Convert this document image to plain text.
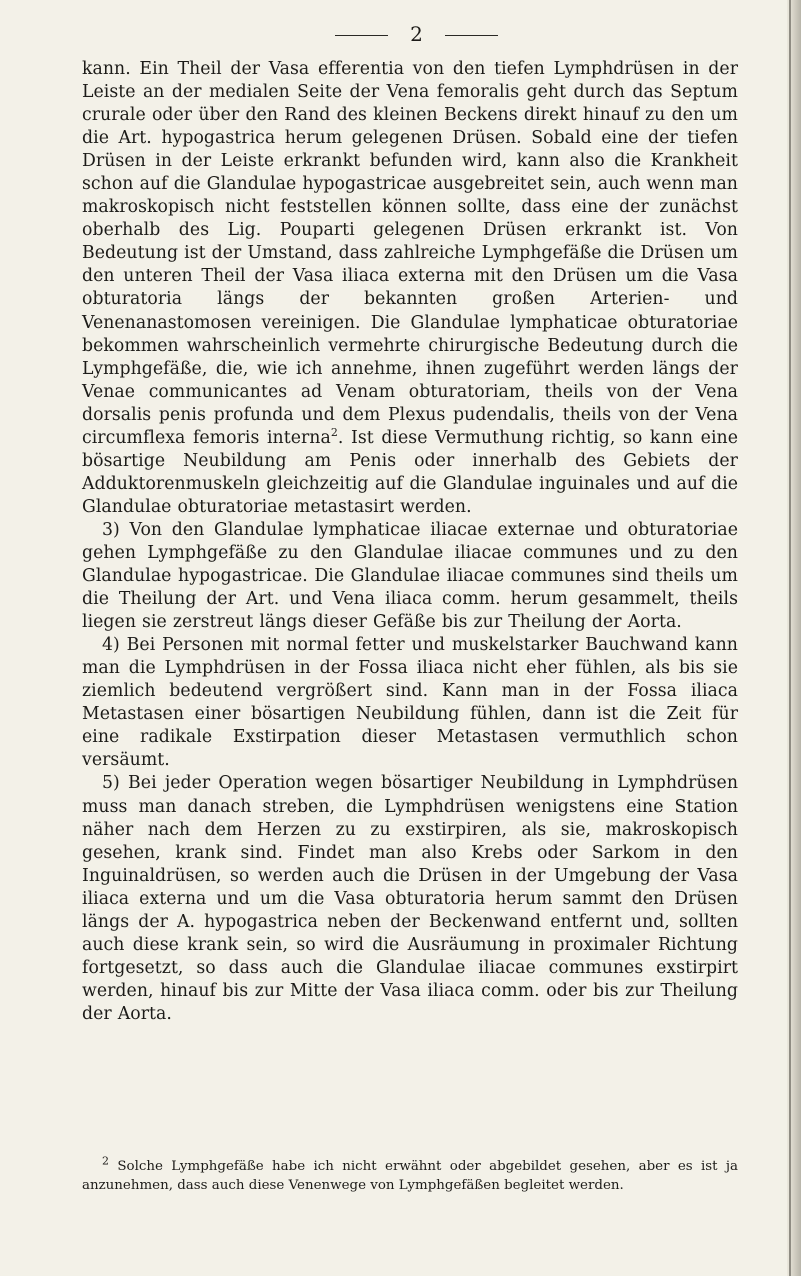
2

kann. Ein Theil der Vasa efferentia von den tiefen Lymphdrüsen in der Leiste an der medialen Seite der Vena femoralis geht durch das Septum crurale oder über den Rand des kleinen Beckens direkt hinauf zu den um die Art. hypogastrica herum gelegenen Drüsen. Sobald eine der tiefen Drüsen in der Leiste erkrankt befunden wird, kann also die Krankheit schon auf die Glandulae hypogastricae ausgebreitet sein, auch wenn man makroskopisch nicht feststellen können sollte, dass eine der zunächst oberhalb des Lig. Pouparti gelegenen Drüsen erkrankt ist. Von Bedeutung ist der Umstand, dass zahlreiche Lymphgefäße die Drüsen um den unteren Theil der Vasa iliaca externa mit den Drüsen um die Vasa obturatoria längs der bekannten großen Arterien- und Venenanastomosen vereinigen. Die Glandulae lymphaticae obturatoriae bekommen wahrscheinlich vermehrte chirurgische Bedeutung durch die Lymphgefäße, die, wie ich annehme, ihnen zugeführt werden längs der Venae communicantes ad Venam obturatoriam, theils von der Vena dorsalis penis profunda und dem Plexus pudendalis, theils von der Vena circumflexa femoris interna$^2$. Ist diese Vermuthung richtig, so kann eine bösartige Neubildung am Penis oder innerhalb des Gebiets der Adduktorenmuskeln gleichzeitig auf die Glandulae inguinales und auf die Glandulae obturatoriae metastasirt werden.

3) Von den Glandulae lymphaticae iliacae externae und obturatoriae gehen Lymphgefäße zu den Glandulae iliacae communes und zu den Glandulae hypogastricae. Die Glandulae iliacae communes sind theils um die Theilung der Art. und Vena iliaca comm. herum gesammelt, theils liegen sie zerstreut längs dieser Gefäße bis zur Theilung der Aorta.

4) Bei Personen mit normal fetter und muskelstarker Bauchwand kann man die Lymphdrüsen in der Fossa iliaca nicht eher fühlen, als bis sie ziemlich bedeutend vergrößert sind. Kann man in der Fossa iliaca Metastasen einer bösartigen Neubildung fühlen, dann ist die Zeit für eine radikale Exstirpation dieser Metastasen vermuthlich schon versäumt.

5) Bei jeder Operation wegen bösartiger Neubildung in Lymphdrüsen muss man danach streben, die Lymphdrüsen wenigstens eine Station näher nach dem Herzen zu zu exstirpiren, als sie, makroskopisch gesehen, krank sind. Findet man also Krebs oder Sarkom in den Inguinaldrüsen, so werden auch die Drüsen in der Umgebung der Vasa iliaca externa und um die Vasa obturatoria herum sammt den Drüsen längs der A. hypogastrica neben der Beckenwand entfernt und, sollten auch diese krank sein, so wird die Ausräumung in proximaler Richtung fortgesetzt, so dass auch die Glandulae iliacae communes exstirpirt werden, hinauf bis zur Mitte der Vasa iliaca comm. oder bis zur Theilung der Aorta.

$^2$ Solche Lymphgefäße habe ich nicht erwähnt oder abgebildet gesehen, aber es ist ja anzunehmen, dass auch diese Venenwege von Lymphgefäßen begleitet werden.
